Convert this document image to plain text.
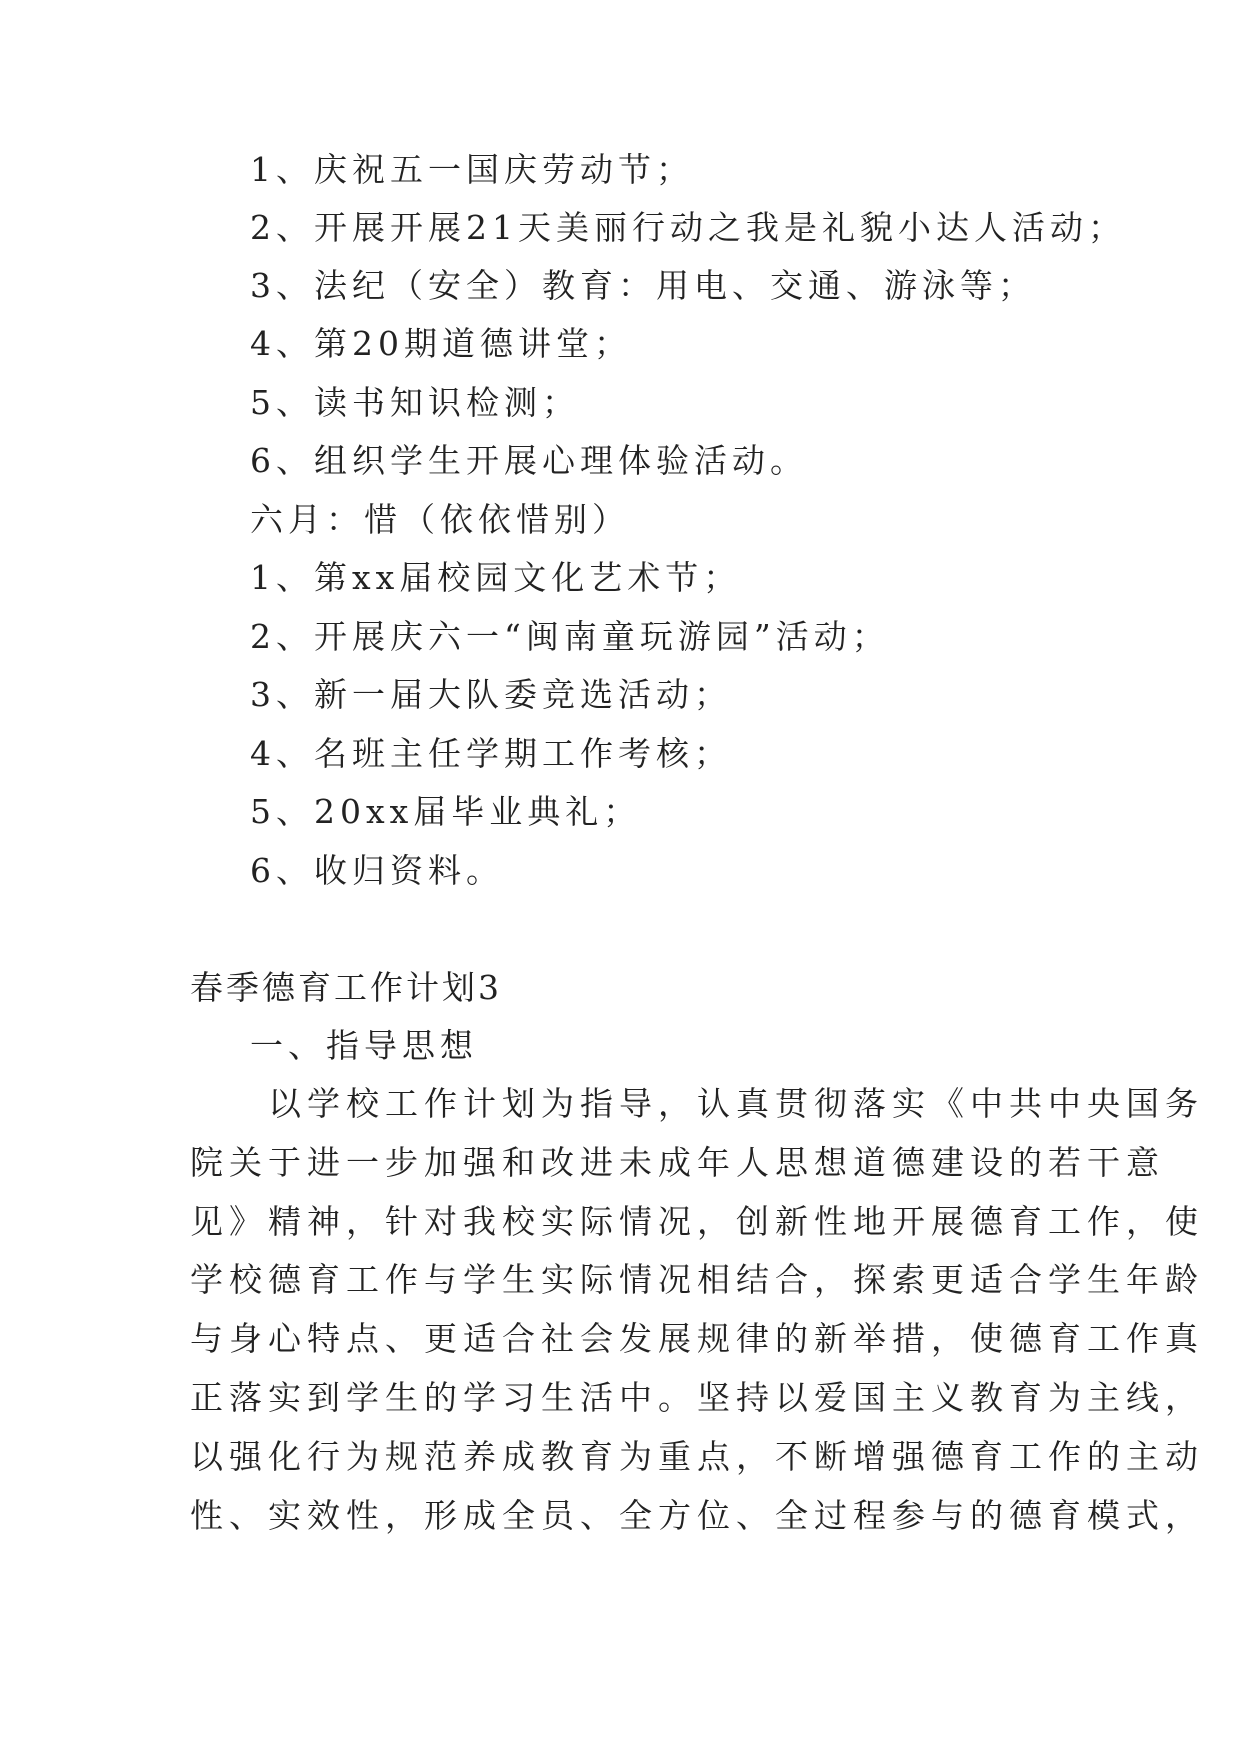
1、庆祝五一国庆劳动节；
2、开展开展21天美丽行动之我是礼貌小达人活动；
3、法纪（安全）教育：用电、交通、游泳等；
4、第20期道德讲堂；
5、读书知识检测；
6、组织学生开展心理体验活动。
六月：惜（依依惜别）
1、第xx届校园文化艺术节；
2、开展庆六一“闽南童玩游园”活动；
3、新一届大队委竞选活动；
4、名班主任学期工作考核；
5、20xx届毕业典礼；
6、收归资料。
春季德育工作计划3
一、指导思想
　　以学校工作计划为指导，认真贯彻落实《中共中央国务
院关于进一步加强和改进未成年人思想道德建设的若干意
见》精神，针对我校实际情况，创新性地开展德育工作，使
学校德育工作与学生实际情况相结合，探索更适合学生年龄
与身心特点、更适合社会发展规律的新举措，使德育工作真
正落实到学生的学习生活中。坚持以爱国主义教育为主线，
以强化行为规范养成教育为重点，不断增强德育工作的主动
性、实效性，形成全员、全方位、全过程参与的德育模式，
